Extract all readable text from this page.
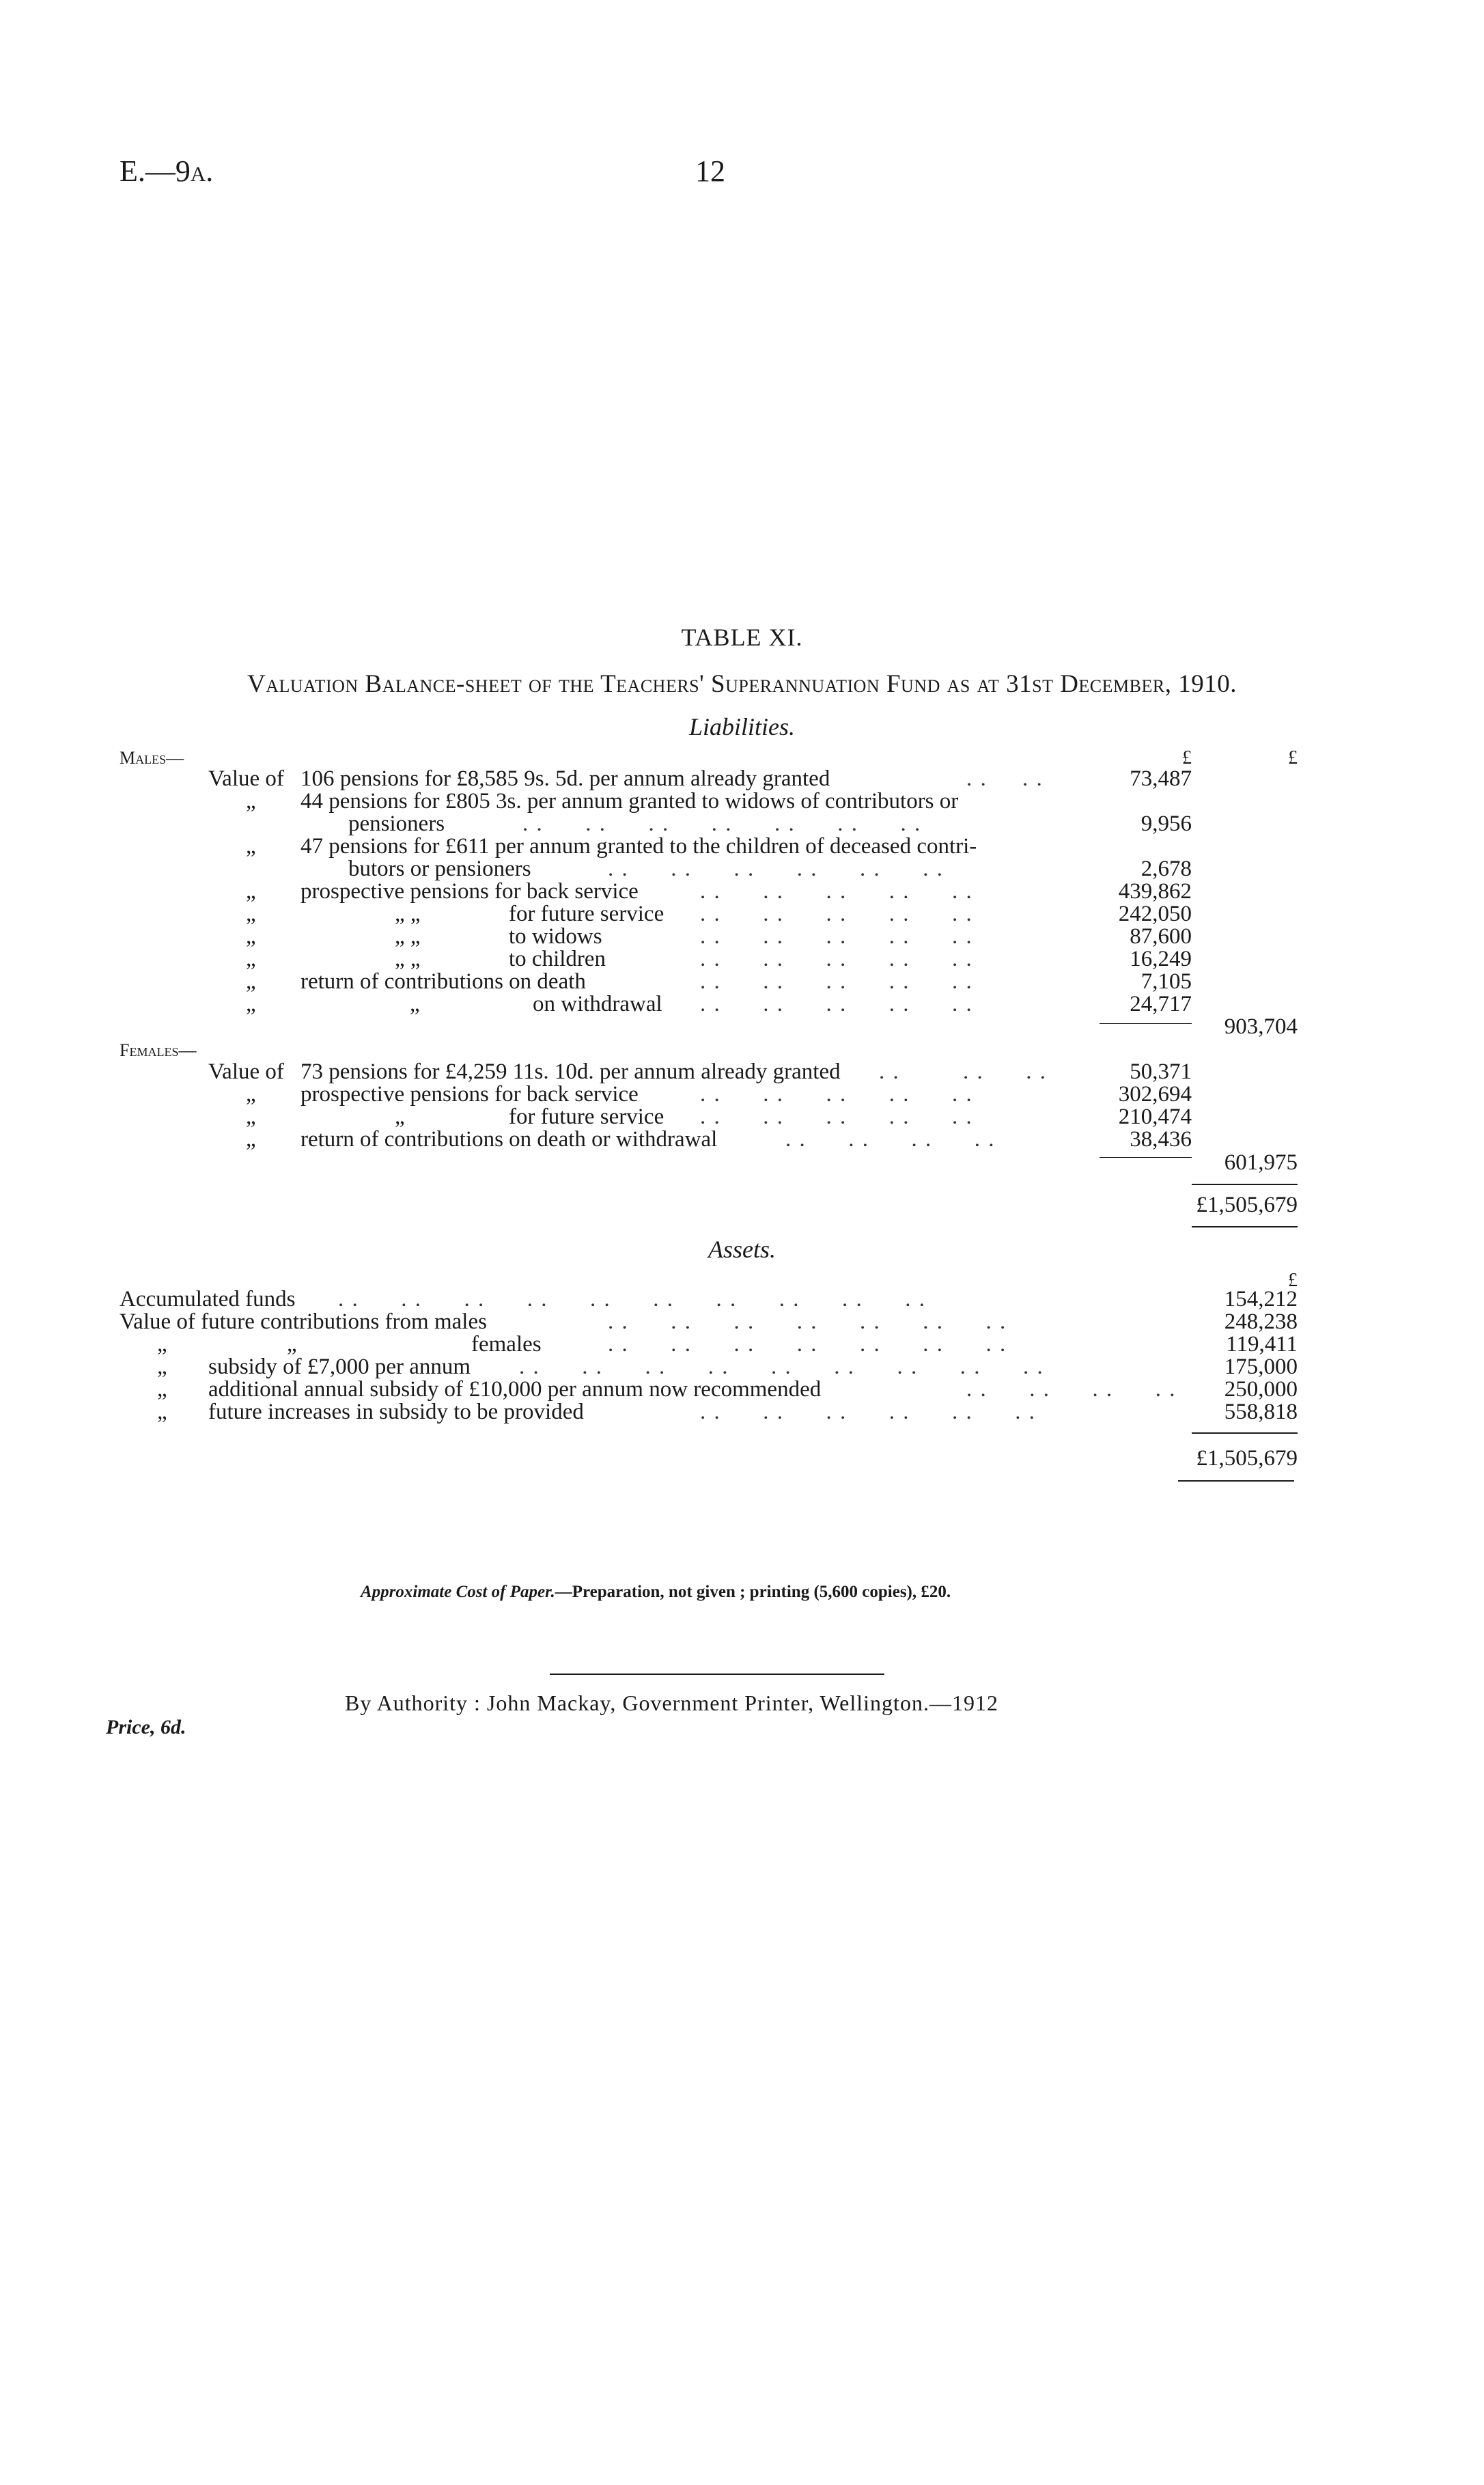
E.—9a.	12
TABLE XI.
Valuation Balance-sheet of the Teachers' Superannuation Fund as at 31st December, 1910.
Liabilities.
Males—	£	£
Value of 106 pensions for £8,585 9s. 5d. per annum already granted	. .     . .	73,487
„ 44 pensions for £805 3s. per annum granted to widows of contributors or
pensioners	. .      . .      . .      . .      . .      . .      . .	9,956
„ 47 pensions for £611 per annum granted to the children of deceased contri-
butors or pensioners	. .      . .      . .      . .      . .      . .	2,678
„ prospective pensions for back service	. .      . .      . .      . .      . .	439,862
„	„ „	for future service . .      . .      . .      . .      . .	242,050
„	„ „	to widows	. .      . .      . .      . .      . .	87,600
„	„ „	to children	. .      . .      . .      . .      . .	16,249
„ return of contributions on death	. .      . .      . .      . .      . .	7,105
„	„	on withdrawal . .      . .      . .      . .      . .	24,717
903,704
Females—
Value of 73 pensions for £4,259 11s. 10d. per annum already granted . .         . .      . .	50,371
„ prospective pensions for back service	. .      . .      . .      . .      . .	302,694
„	„	for future service . .      . .      . .      . .      . .	210,474
„ return of contributions on death or withdrawal	. .      . .      . .      . .	38,436
601,975
£1,505,679
Assets.
£
Accumulated funds . .      . .      . .      . .      . .      . .      . .      . .      . .      . .	154,212
Value of future contributions from males	. .      . .      . .      . .      . .      . .      . .	248,238
„	„	females	. .      . .      . .      . .      . .      . .      . .	119,411
„ subsidy of £7,000 per annum . .      . .      . .      . .      . .      . .      . .      . .      . .	175,000
„ additional annual subsidy of £10,000 per annum now recommended	. .      . .      . .      . .	250,000
„ future increases in subsidy to be provided	. .      . .      . .      . .      . .      . .	558,818
£1,505,679
Approximate Cost of Paper.—Preparation, not given ; printing (5,600 copies), £20.
By Authority : John Mackay, Government Printer, Wellington.—1912
Price, 6d.
